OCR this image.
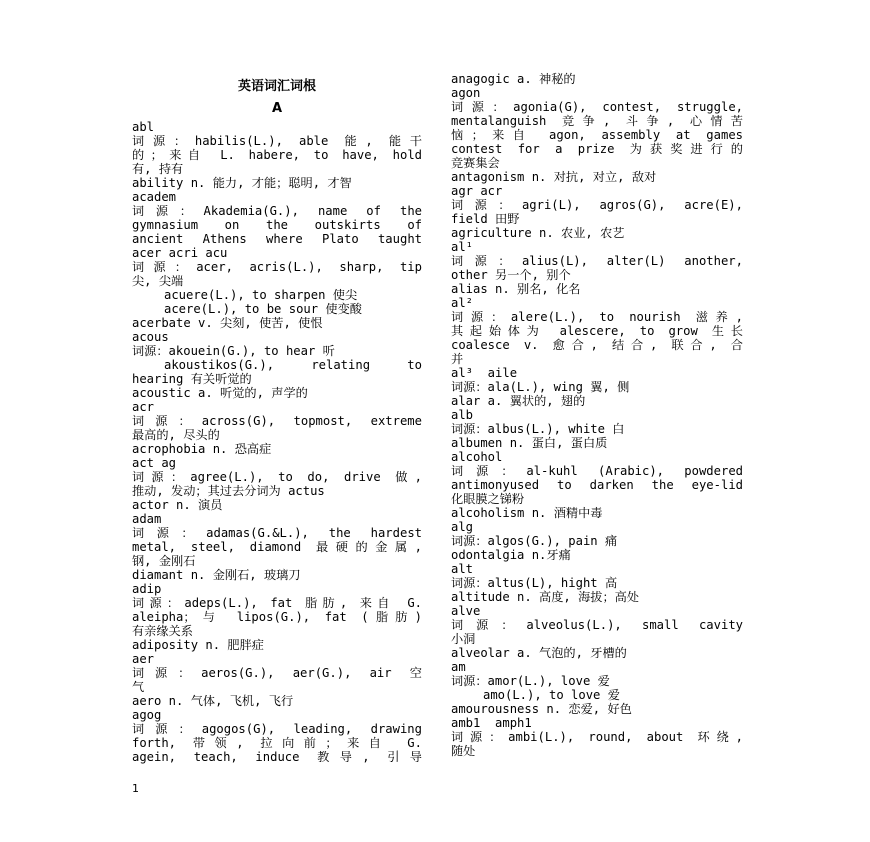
英语词汇词根
A
abl
词源：habilis(L.), able 能, 能干
的；来自 L. habere, to have, hold
有, 持有
ability n. 能力, 才能；聪明, 才智
academ
词源：Akademia(G.), name of the
gymnasium on the outskirts of
ancient Athens where Plato taught
acer acri acu
词源：acer, acris(L.), sharp, tip
尖, 尖端
acuere(L.), to sharpen 使尖
acere(L.), to be sour 使变酸
acerbate v. 尖刻, 使苦, 使恨
acous
词源：akouein(G.), to hear 听
akoustikos(G.), relating to
hearing 有关听觉的
acoustic a. 听觉的, 声学的
acr
词源：across(G), topmost, extreme
最高的, 尽头的
acrophobia n. 恐高症
act ag
词源：agree(L.), to do, drive 做,
推动, 发动；其过去分词为 actus
actor n. 演员
adam
词源：adamas(G.&L.), the hardest
metal, steel, diamond 最硬的金属,
钢, 金刚石
diamant n. 金刚石, 玻璃刀
adip
词源：adeps(L.), fat 脂肪, 来自 G.
aleipha；与 lipos(G.), fat (脂肪)
有亲缘关系
adiposity n. 肥胖症
aer
词源：aeros(G.), aer(G.), air 空
气
aero n. 气体, 飞机, 飞行
agog
词源：agogos(G), leading, drawing
forth, 带领, 拉向前；来自 G.
agein, teach, induce 教导, 引导
anagogic a. 神秘的
agon
词源：agonia(G), contest, struggle,
mentalanguish 竞争, 斗争, 心情苦
恼；来自 agon, assembly at games
contest for a prize 为获奖进行的
竞赛集会
antagonism n. 对抗, 对立, 敌对
agr acr
词源：agri(L), agros(G), acre(E),
field 田野
agriculture n. 农业, 农艺
al¹
词源：alius(L), alter(L) another,
other 另一个, 别个
alias n. 别名, 化名
al²
词源：alere(L.), to nourish 滋养,
其起始体为 alescere, to grow 生长
coalesce v. 愈合, 结合, 联合, 合
并
al³  aile
词源：ala(L.), wing 翼, 侧
alar a. 翼状的, 翅的
alb
词源：albus(L.), white 白
albumen n. 蛋白, 蛋白质
alcohol
词源：al-kuhl (Arabic), powdered
antimonyused to darken the eye-lid
化眼膜之锑粉
alcoholism n. 酒精中毒
alg
词源：algos(G.), pain 痛
odontalgia n.牙痛
alt
词源：altus(L), hight 高
altitude n. 高度, 海拔；高处
alve
词源：alveolus(L.), small cavity
小洞
alveolar a. 气泡的, 牙槽的
am
词源：amor(L.), love 爱
amo(L.), to love 爱
amourousness n. 恋爱, 好色
amb1  amph1
词源：ambi(L.), round, about 环绕,
随处
1
